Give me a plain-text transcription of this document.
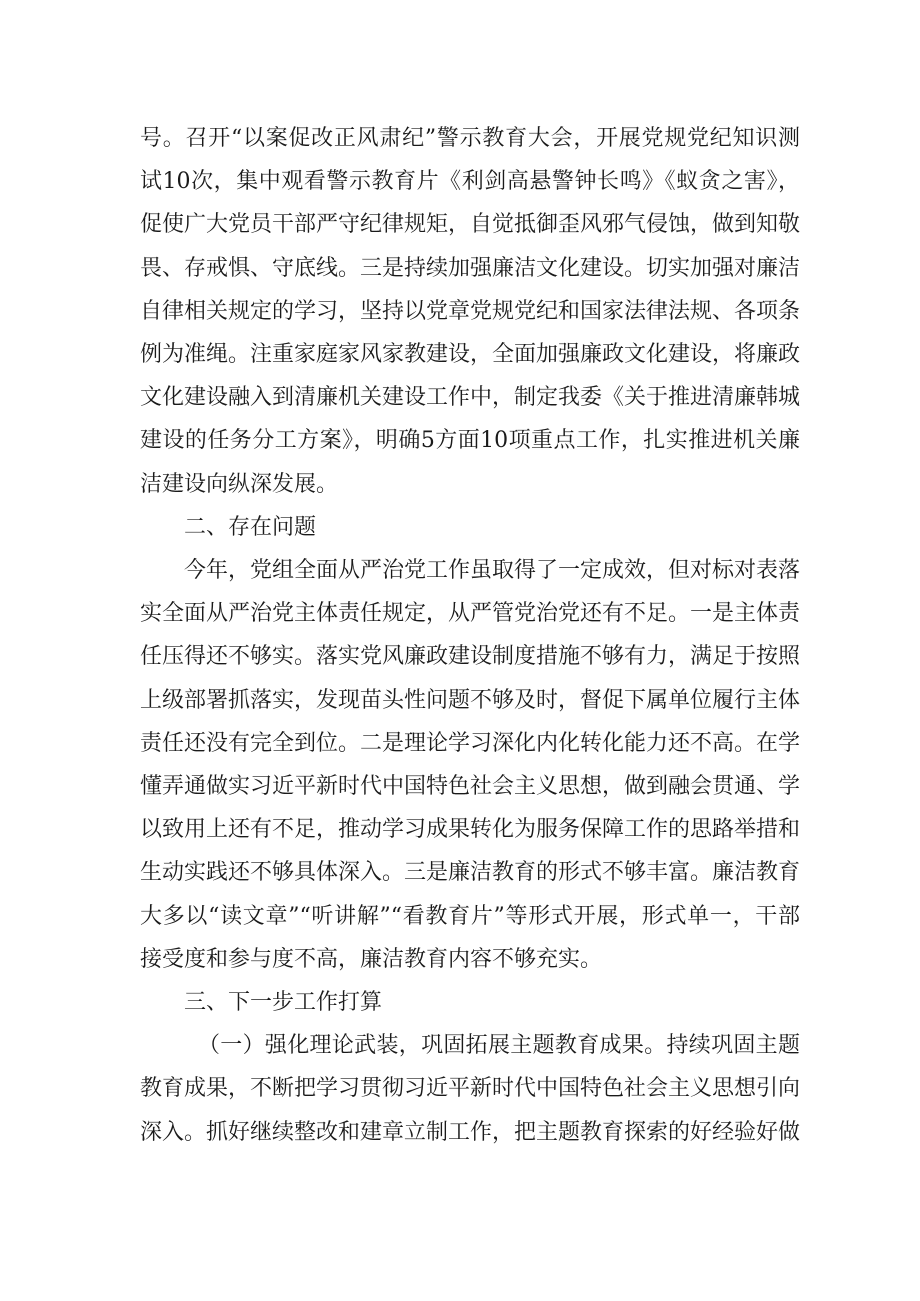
号。召开“以案促改正风肃纪”警示教育大会，开展党规党纪知识测试10次，集中观看警示教育片《利剑高悬警钟长鸣》《蚁贪之害》，促使广大党员干部严守纪律规矩，自觉抵御歪风邪气侵蚀，做到知敬畏、存戒惧、守底线。三是持续加强廉洁文化建设。切实加强对廉洁自律相关规定的学习，坚持以党章党规党纪和国家法律法规、各项条例为准绳。注重家庭家风家教建设，全面加强廉政文化建设，将廉政文化建设融入到清廉机关建设工作中，制定我委《关于推进清廉韩城建设的任务分工方案》，明确5方面10项重点工作，扎实推进机关廉洁建设向纵深发展。

二、存在问题

今年，党组全面从严治党工作虽取得了一定成效，但对标对表落实全面从严治党主体责任规定，从严管党治党还有不足。一是主体责任压得还不够实。落实党风廉政建设制度措施不够有力，满足于按照上级部署抓落实，发现苗头性问题不够及时，督促下属单位履行主体责任还没有完全到位。二是理论学习深化内化转化能力还不高。在学懂弄通做实习近平新时代中国特色社会主义思想，做到融会贯通、学以致用上还有不足，推动学习成果转化为服务保障工作的思路举措和生动实践还不够具体深入。三是廉洁教育的形式不够丰富。廉洁教育大多以“读文章”“听讲解”“看教育片”等形式开展，形式单一，干部接受度和参与度不高，廉洁教育内容不够充实。

三、下一步工作打算

（一）强化理论武装，巩固拓展主题教育成果。持续巩固主题教育成果，不断把学习贯彻习近平新时代中国特色社会主义思想引向深入。抓好继续整改和建章立制工作，把主题教育探索的好经验好做
